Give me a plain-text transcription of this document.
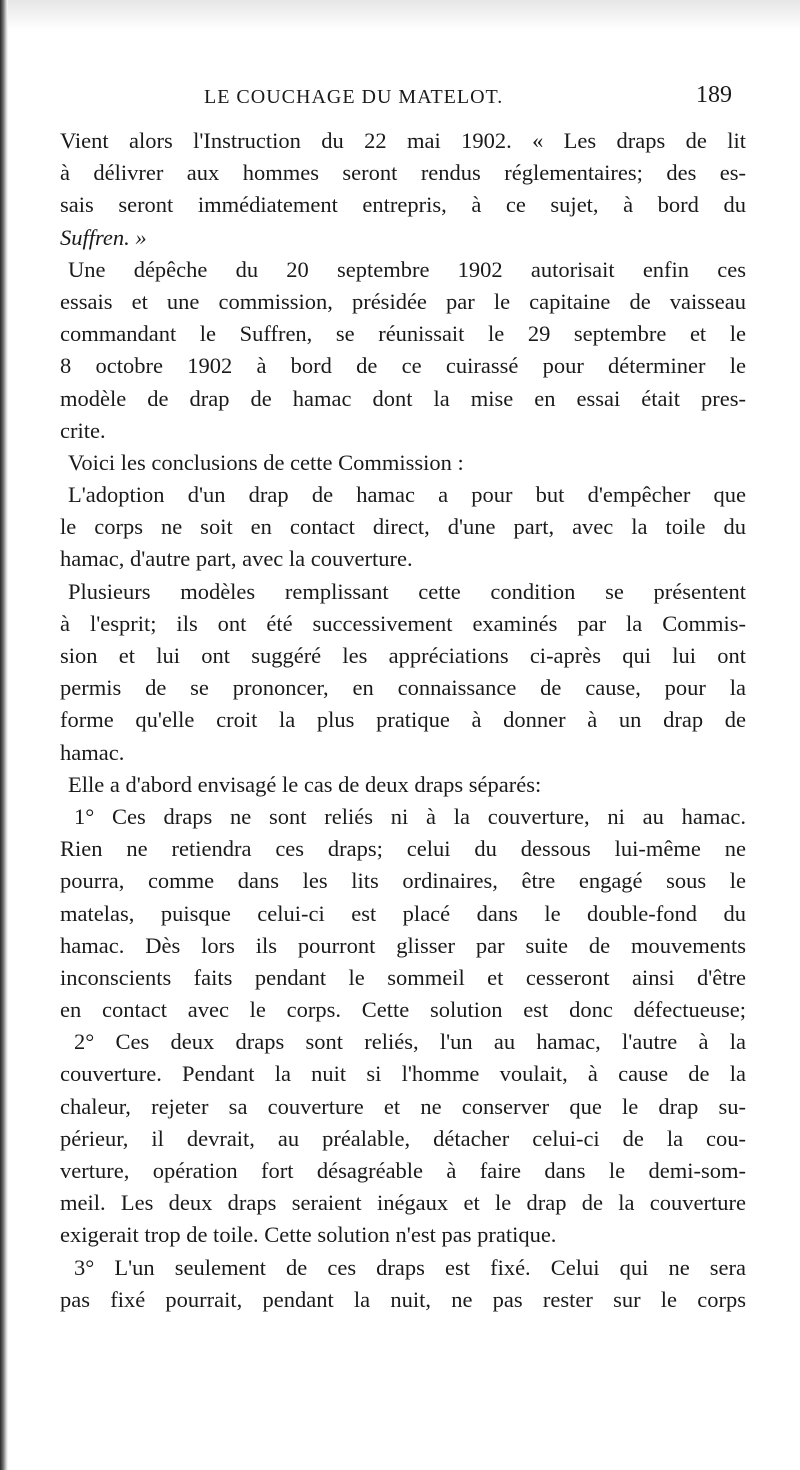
LE COUCHAGE DU MATELOT.	189
Vient alors l'Instruction du 22 mai 1902. « Les draps de lit
à délivrer aux hommes seront rendus réglementaires; des es-
sais seront immédiatement entrepris, à ce sujet, à bord du
Suffren. »
Une dépêche du 20 septembre 1902 autorisait enfin ces
essais et une commission, présidée par le capitaine de vaisseau
commandant le Suffren, se réunissait le 29 septembre et le
8 octobre 1902 à bord de ce cuirassé pour déterminer le
modèle de drap de hamac dont la mise en essai était pres-
crite.
Voici les conclusions de cette Commission :
L'adoption d'un drap de hamac a pour but d'empêcher que
le corps ne soit en contact direct, d'une part, avec la toile du
hamac, d'autre part, avec la couverture.
Plusieurs modèles remplissant cette condition se présentent
à l'esprit; ils ont été successivement examinés par la Commis-
sion et lui ont suggéré les appréciations ci-après qui lui ont
permis de se prononcer, en connaissance de cause, pour la
forme qu'elle croit la plus pratique à donner à un drap de
hamac.
Elle a d'abord envisagé le cas de deux draps séparés:
1° Ces draps ne sont reliés ni à la couverture, ni au hamac.
Rien ne retiendra ces draps; celui du dessous lui-même ne
pourra, comme dans les lits ordinaires, être engagé sous le
matelas, puisque celui-ci est placé dans le double-fond du
hamac. Dès lors ils pourront glisser par suite de mouvements
inconscients faits pendant le sommeil et cesseront ainsi d'être
en contact avec le corps. Cette solution est donc défectueuse;
2° Ces deux draps sont reliés, l'un au hamac, l'autre à la
couverture. Pendant la nuit si l'homme voulait, à cause de la
chaleur, rejeter sa couverture et ne conserver que le drap su-
périeur, il devrait, au préalable, détacher celui-ci de la cou-
verture, opération fort désagréable à faire dans le demi-som-
meil. Les deux draps seraient inégaux et le drap de la couverture
exigerait trop de toile. Cette solution n'est pas pratique.
3° L'un seulement de ces draps est fixé. Celui qui ne sera
pas fixé pourrait, pendant la nuit, ne pas rester sur le corps
